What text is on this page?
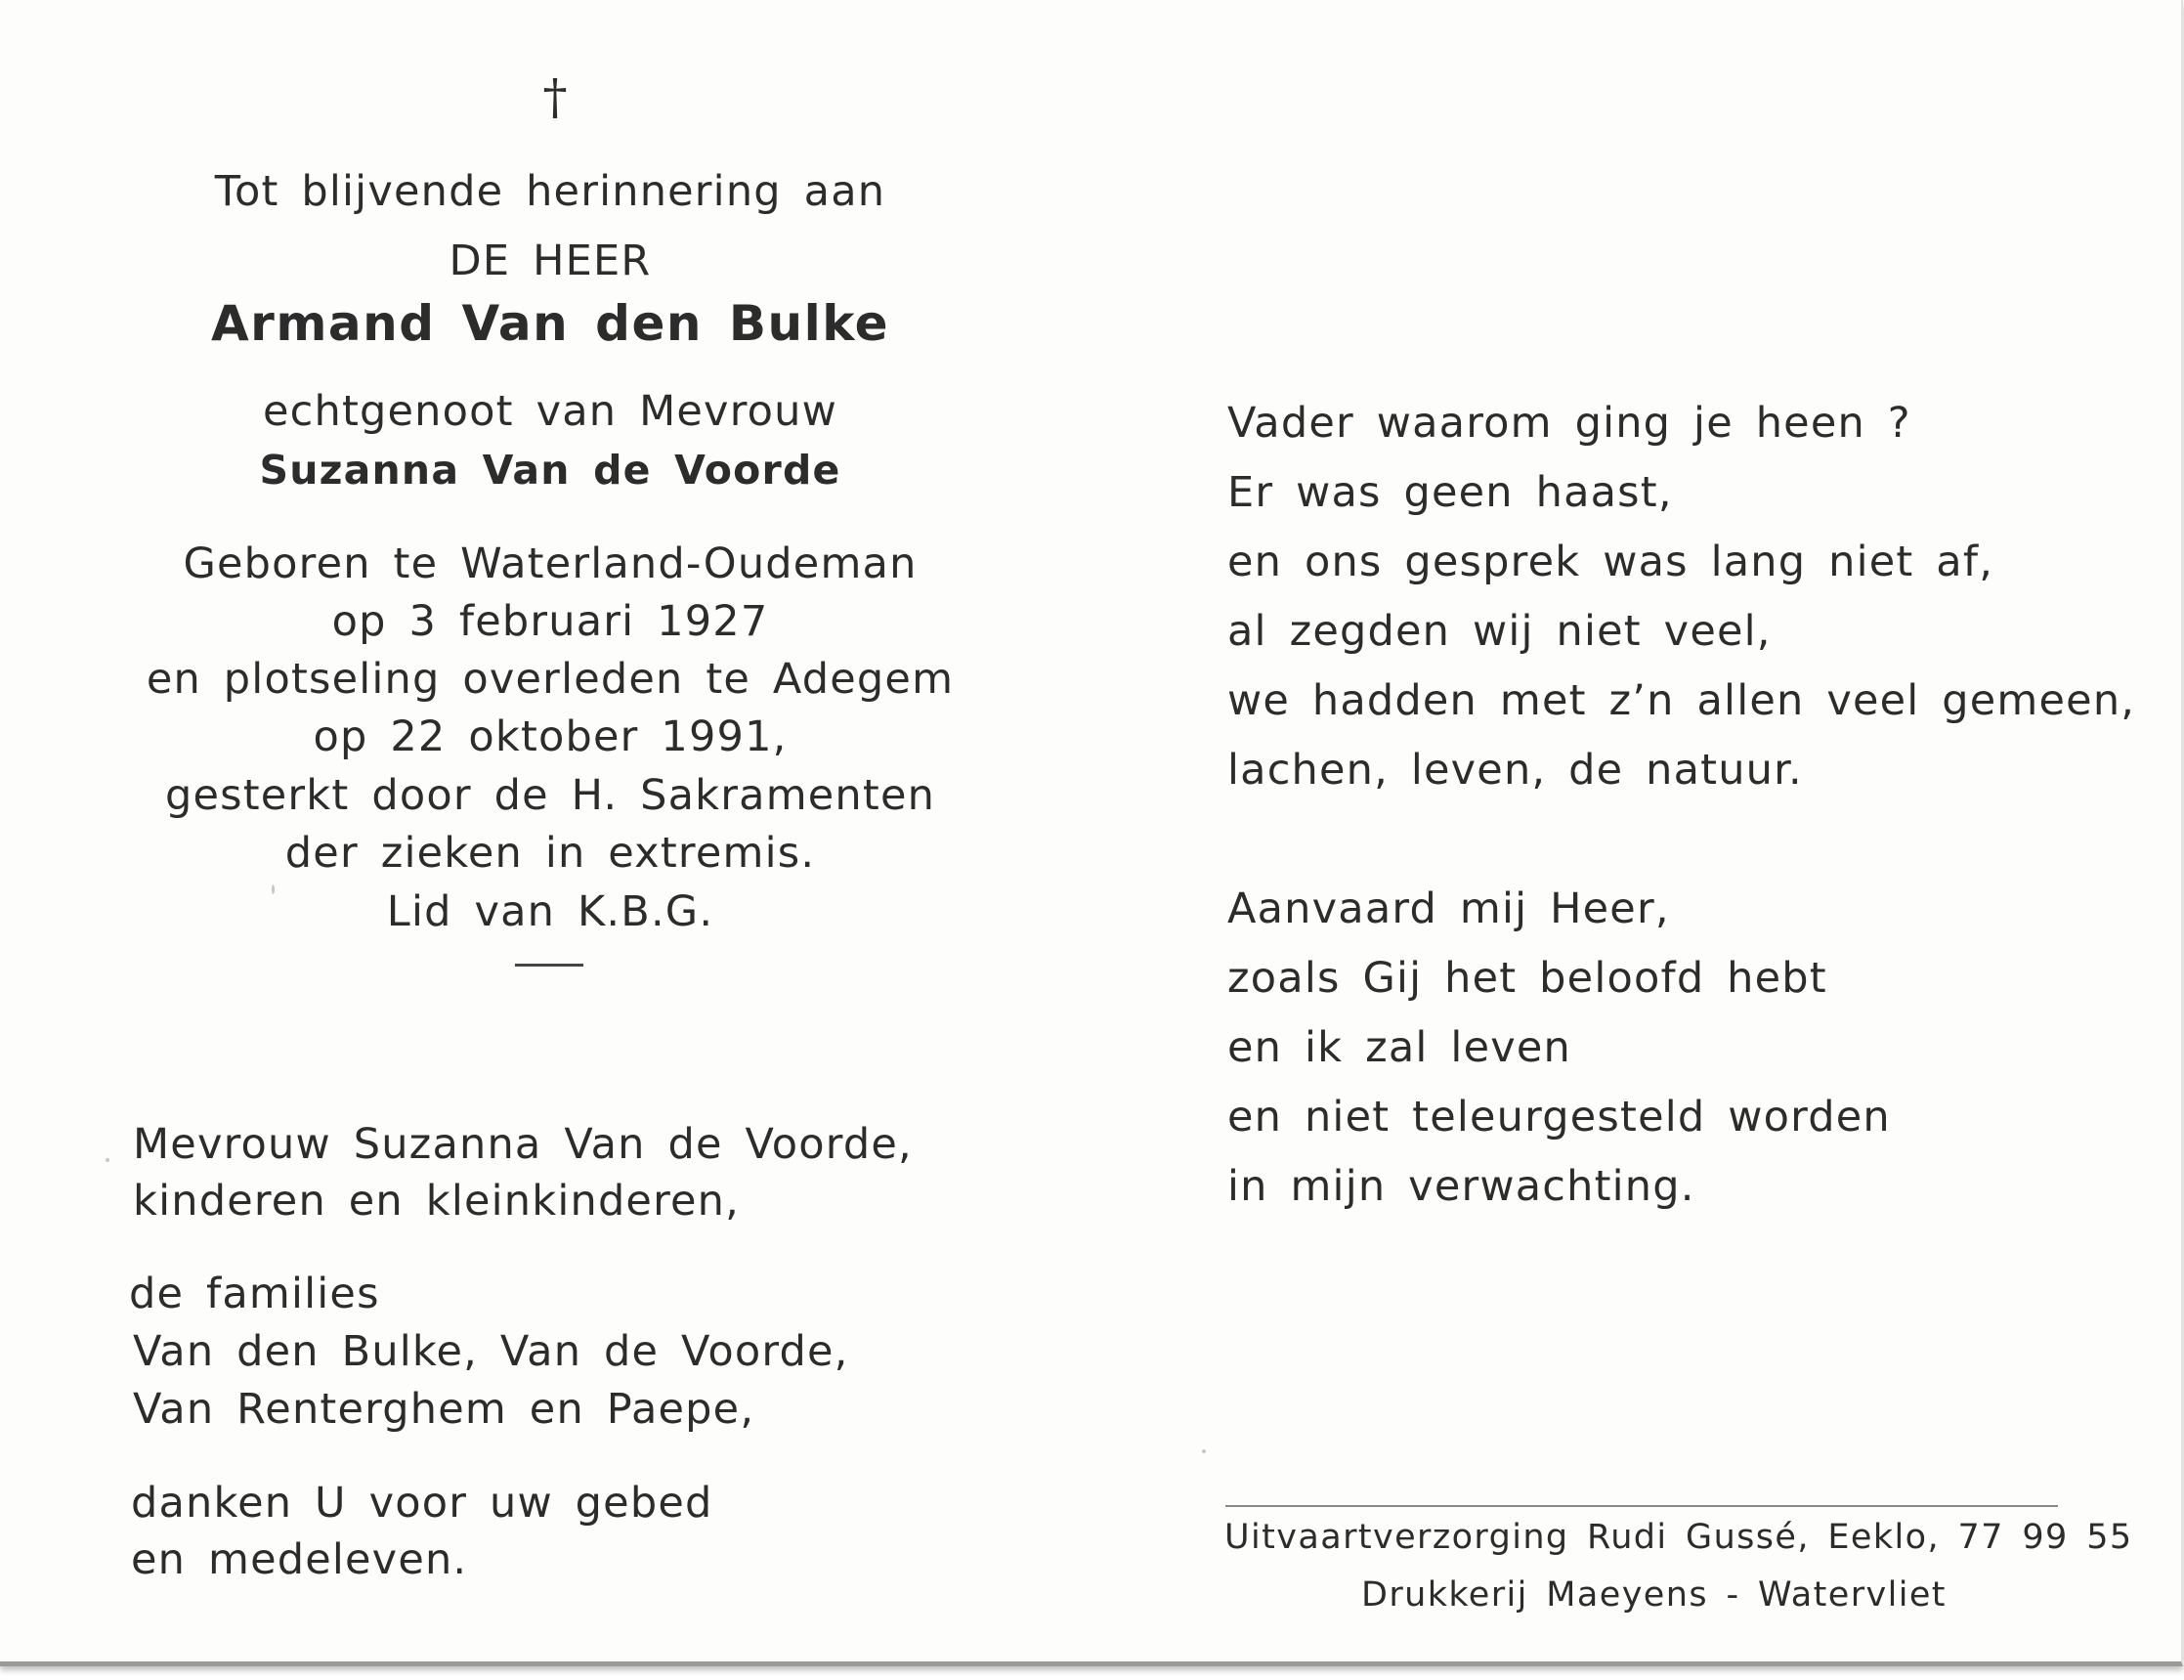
†
Tot blijvende herinnering aan
DE HEER
Armand Van den Bulke
echtgenoot van Mevrouw
Suzanna Van de Voorde
Geboren te Waterland-Oudeman
op 3 februari 1927
en plotseling overleden te Adegem
op 22 oktober 1991,
gesterkt door de H. Sakramenten
der zieken in extremis.
Lid van K.B.G.
Mevrouw Suzanna Van de Voorde,
kinderen en kleinkinderen,
de families
Van den Bulke, Van de Voorde,
Van Renterghem en Paepe,
danken U voor uw gebed
en medeleven.
Vader waarom ging je heen ?
Er was geen haast,
en ons gesprek was lang niet af,
al zegden wij niet veel,
we hadden met z’n allen veel gemeen,
lachen, leven, de natuur.
Aanvaard mij Heer,
zoals Gij het beloofd hebt
en ik zal leven
en niet teleurgesteld worden
in mijn verwachting.
Uitvaartverzorging Rudi Gussé, Eeklo, 77 99 55
Drukkerij Maeyens - Watervliet
